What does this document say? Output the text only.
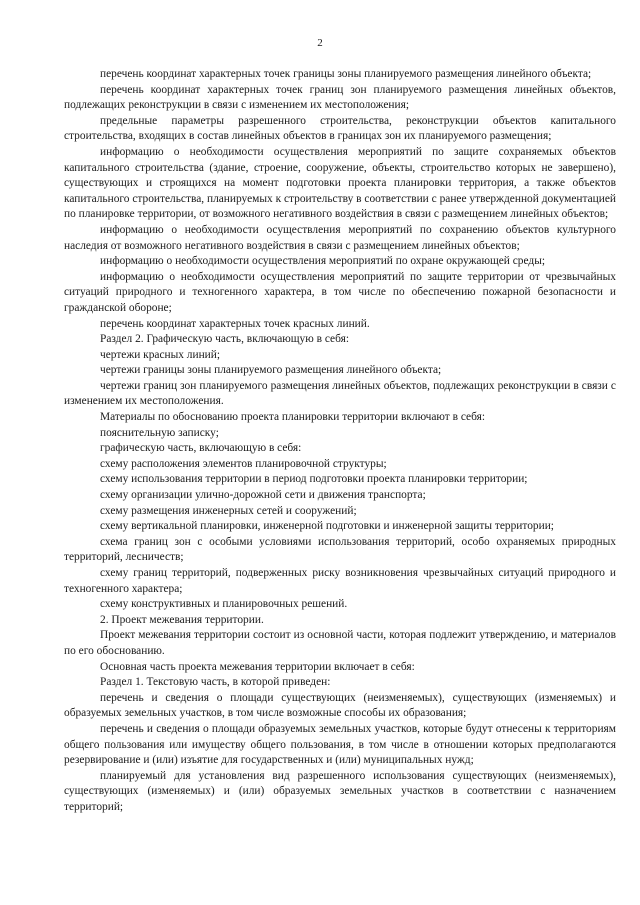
2

перечень координат характерных точек границы зоны планируемого размещения линейного объекта;

перечень координат характерных точек границ зон планируемого размещения линейных объектов, подлежащих реконструкции в связи с изменением их местоположения;

предельные параметры разрешенного строительства, реконструкции объектов капитального строительства, входящих в состав линейных объектов в границах зон их планируемого размещения;

информацию о необходимости осуществления мероприятий по защите сохраняемых объектов капитального строительства (здание, строение, сооружение, объекты, строительство которых не завершено), существующих и строящихся на момент подготовки проекта планировки территория, а также объектов капитального строительства, планируемых к строительству в соответствии с ранее утвержденной документацией по планировке территории, от возможного негативного воздействия в связи с размещением линейных объектов;

информацию о необходимости осуществления мероприятий по сохранению объектов культурного наследия от возможного негативного воздействия в связи с размещением линейных объектов;

информацию о необходимости осуществления мероприятий по охране окружающей среды;

информацию о необходимости осуществления мероприятий по защите территории от чрезвычайных ситуаций природного и техногенного характера, в том числе по обеспечению пожарной безопасности и гражданской обороне;

перечень координат характерных точек красных линий.

Раздел 2. Графическую часть, включающую в себя:

чертежи красных линий;

чертежи границы зоны планируемого размещения линейного объекта;

чертежи границ зон планируемого размещения линейных объектов, подлежащих реконструкции в связи с изменением их местоположения.

Материалы по обоснованию проекта планировки территории включают в себя:

пояснительную записку;

графическую часть, включающую в себя:

схему расположения элементов планировочной структуры;

схему использования территории в период подготовки проекта планировки территории;

схему организации улично-дорожной сети и движения транспорта;

схему размещения инженерных сетей и сооружений;

схему вертикальной планировки, инженерной подготовки и инженерной защиты территории;

схема границ зон с особыми условиями использования территорий, особо охраняемых природных территорий, лесничеств;

схему границ территорий, подверженных риску возникновения чрезвычайных ситуаций природного и техногенного характера;

схему конструктивных и планировочных решений.

2. Проект межевания территории.

Проект межевания территории состоит из основной части, которая подлежит утверждению, и материалов по его обоснованию.

Основная часть проекта межевания территории включает в себя:

Раздел 1. Текстовую часть, в которой приведен:

перечень и сведения о площади существующих (неизменяемых), существующих (изменяемых) и образуемых земельных участков, в том числе возможные способы их образования;

перечень и сведения о площади образуемых земельных участков, которые будут отнесены к территориям общего пользования или имуществу общего пользования, в том числе в отношении которых предполагаются резервирование и (или) изъятие для государственных и (или) муниципальных нужд;

планируемый для установления вид разрешенного использования существующих (неизменяемых), существующих (изменяемых) и (или) образуемых земельных участков в соответствии с назначением территорий;
